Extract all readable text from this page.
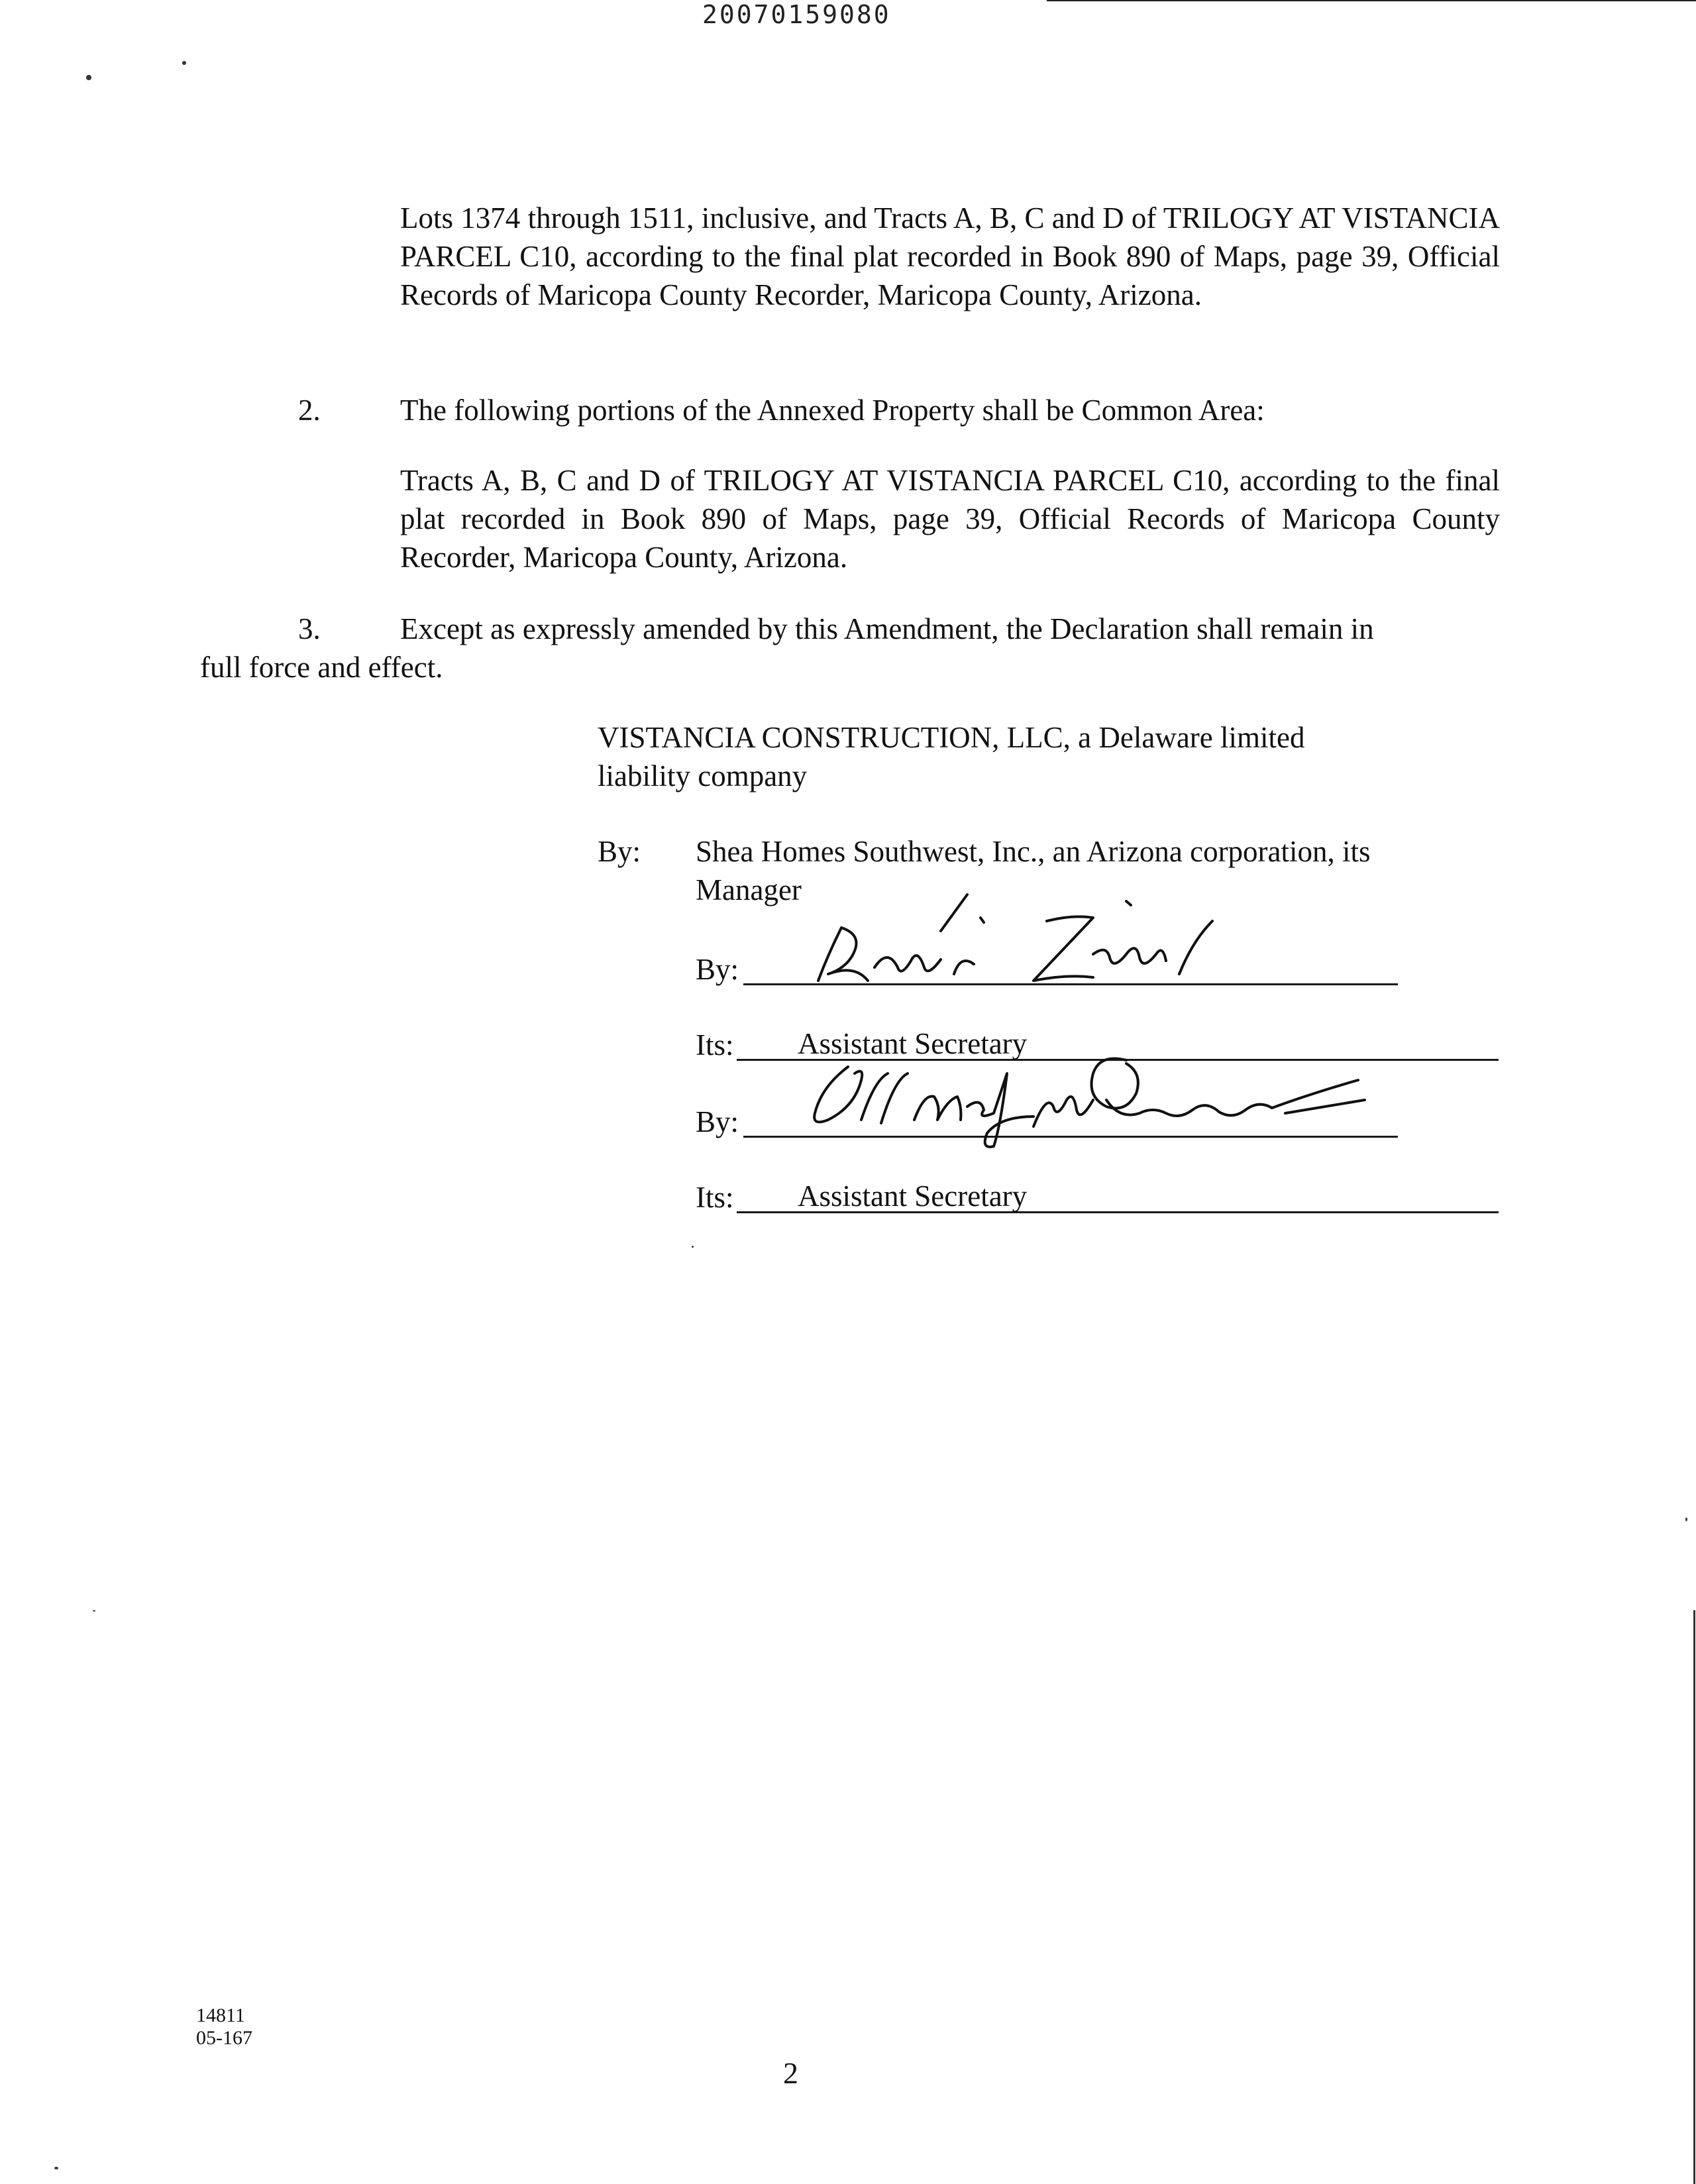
20070159080
Lots 1374 through 1511, inclusive, and Tracts A, B, C and D of TRILOGY AT VISTANCIA PARCEL C10, according to the final plat recorded in Book 890 of Maps, page 39, Official Records of Maricopa County Recorder, Maricopa County, Arizona.
2.	The following portions of the Annexed Property shall be Common Area:
Tracts A, B, C and D of TRILOGY AT VISTANCIA PARCEL C10, according to the final plat recorded in Book 890 of Maps, page 39, Official Records of Maricopa County Recorder, Maricopa County, Arizona.
3.	Except as expressly amended by this Amendment, the Declaration shall remain in
full force and effect.
VISTANCIA CONSTRUCTION, LLC, a Delaware limited
liability company
By: Shea Homes Southwest, Inc., an Arizona corporation, its
Manager
By:
Its: Assistant Secretary
By:
Its: Assistant Secretary
14811
05-167
2
